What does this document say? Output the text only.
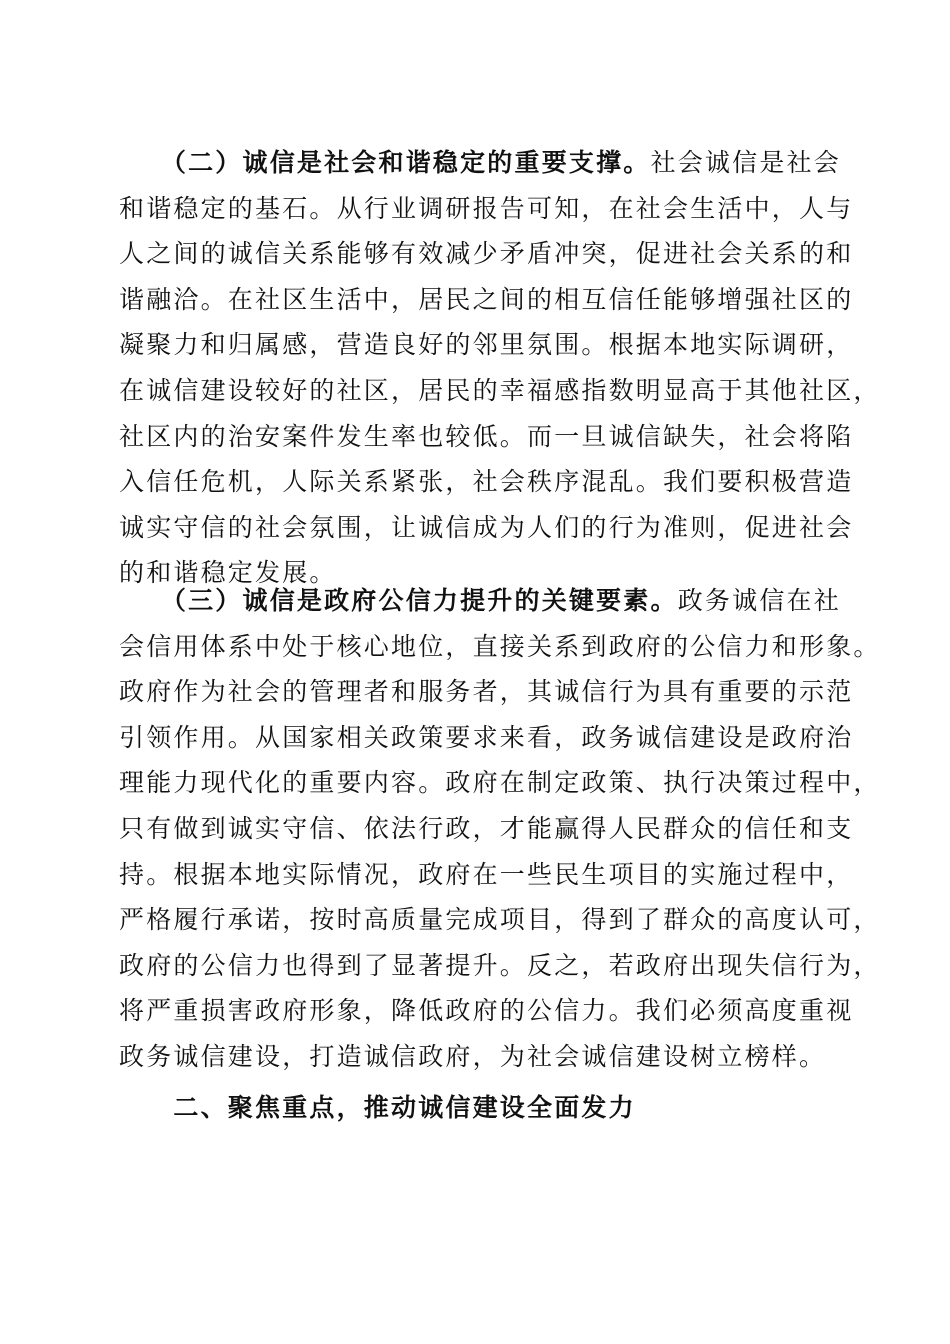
　　（二）诚信是社会和谐稳定的重要支撑。社会诚信是社会
和谐稳定的基石。从行业调研报告可知，在社会生活中，人与
人之间的诚信关系能够有效减少矛盾冲突，促进社会关系的和
谐融洽。在社区生活中，居民之间的相互信任能够增强社区的
凝聚力和归属感，营造良好的邻里氛围。根据本地实际调研，
在诚信建设较好的社区，居民的幸福感指数明显高于其他社区，
社区内的治安案件发生率也较低。而一旦诚信缺失，社会将陷
入信任危机，人际关系紧张，社会秩序混乱。我们要积极营造
诚实守信的社会氛围，让诚信成为人们的行为准则，促进社会
的和谐稳定发展。
　　（三）诚信是政府公信力提升的关键要素。政务诚信在社
会信用体系中处于核心地位，直接关系到政府的公信力和形象。
政府作为社会的管理者和服务者，其诚信行为具有重要的示范
引领作用。从国家相关政策要求来看，政务诚信建设是政府治
理能力现代化的重要内容。政府在制定政策、执行决策过程中，
只有做到诚实守信、依法行政，才能赢得人民群众的信任和支
持。根据本地实际情况，政府在一些民生项目的实施过程中，
严格履行承诺，按时高质量完成项目，得到了群众的高度认可，
政府的公信力也得到了显著提升。反之，若政府出现失信行为，
将严重损害政府形象，降低政府的公信力。我们必须高度重视
政务诚信建设，打造诚信政府，为社会诚信建设树立榜样。
　　二、聚焦重点，推动诚信建设全面发力
